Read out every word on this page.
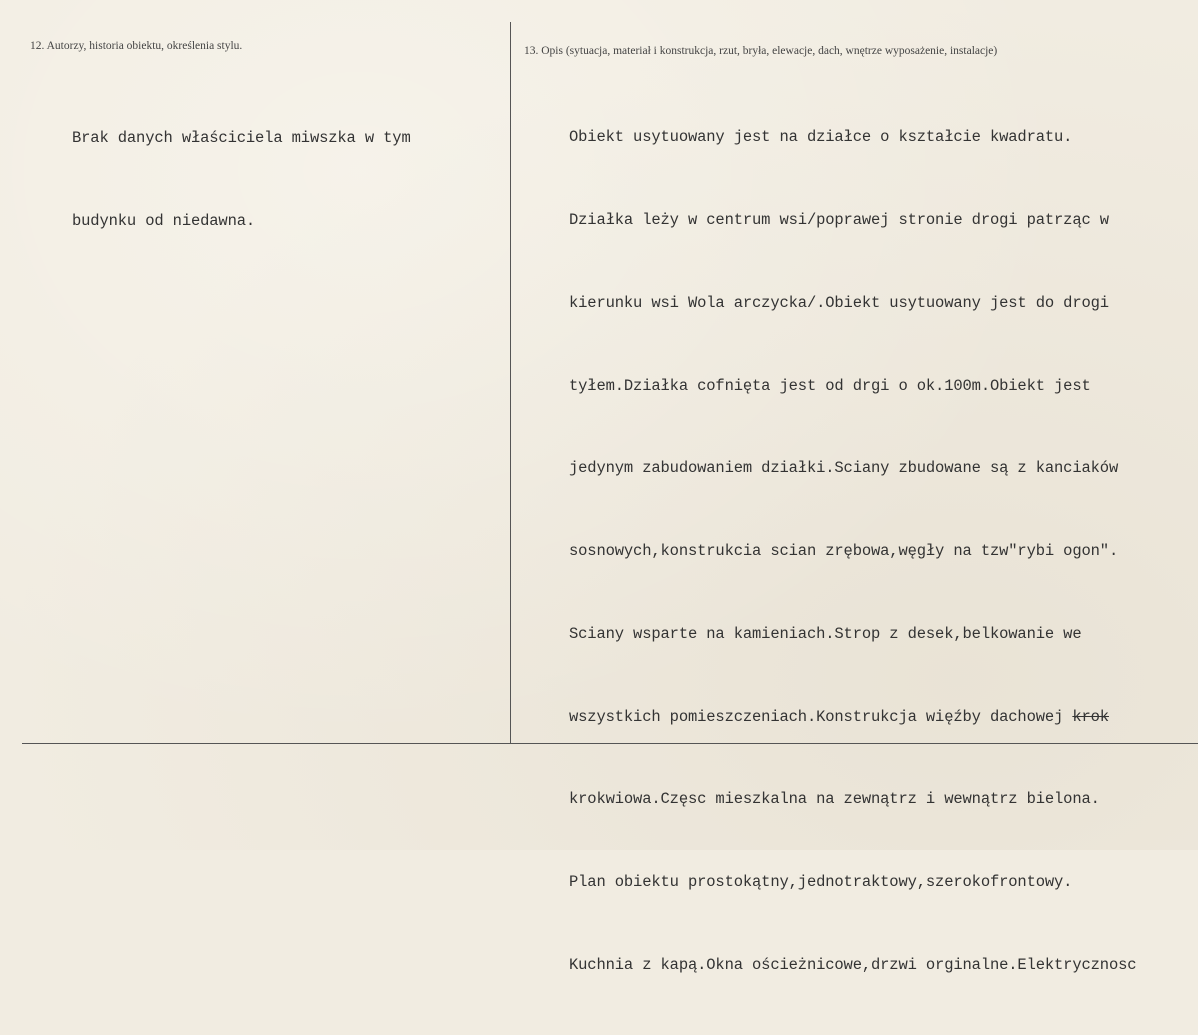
12. Autorzy, historia obiektu, określenia stylu.

Brak danych właściciela miwszka w tym

budynku od niedawna.

13. Opis (sytuacja, materiał i konstrukcja, rzut, bryła, elewacje, dach, wnętrze wyposażenie, instalacje)

Obiekt usytuowany jest na działce o kształcie kwadratu.

Działka leży w centrum wsi/poprawej stronie drogi patrząc w

kierunku wsi Wola arczycka/.Obiekt usytuowany jest do drogi

tyłem.Działka cofnięta jest od drgi o ok.100m.Obiekt jest

jedynym zabudowaniem działki.Sciany zbudowane są z kanciaków

sosnowych,konstrukcia scian zrębowa,węgły na tzw"rybi ogon".

Sciany wsparte na kamieniach.Strop z desek,belkowanie we

wszystkich pomieszczeniach.Konstrukcja więźby dachowej krok

krokwiowa.Częsc mieszkalna na zewnątrz i wewnątrz bielona.

Plan obiektu prostokątny,jednotraktowy,szerokofrontowy.

Kuchnia z kapą.Okna ościeżnicowe,drzwi orginalne.Elektrycznosc
